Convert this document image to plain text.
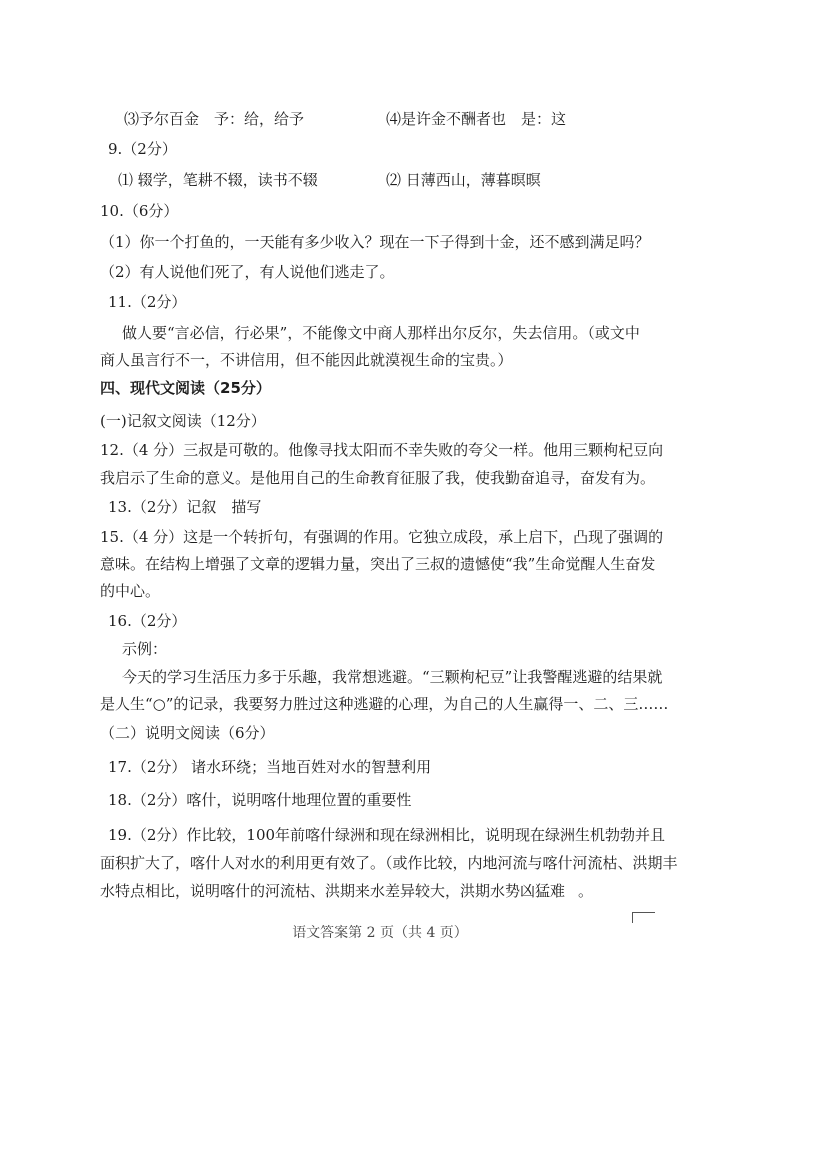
⑶予尔百金　予：给，给予	⑷是许金不酬者也　是：这
9.（2分）
⑴ 辍学，笔耕不辍，读书不辍	⑵ 日薄西山，薄暮暝暝
10.（6分）
（1）你一个打鱼的，一天能有多少收入？现在一下子得到十金，还不感到满足吗？
（2）有人说他们死了，有人说他们逃走了。
11.（2分）
做人要“言必信，行必果”，不能像文中商人那样出尔反尔，失去信用。（或文中
商人虽言行不一，不讲信用，但不能因此就漠视生命的宝贵。）
四、现代文阅读（25分）
(一)记叙文阅读（12分）
12.（4 分）三叔是可敬的。他像寻找太阳而不幸失败的夸父一样。他用三颗枸杞豆向
我启示了生命的意义。是他用自己的生命教育征服了我，使我勤奋追寻，奋发有为。
13.（2分）记叙　描写
15.（4 分）这是一个转折句，有强调的作用。它独立成段，承上启下，凸现了强调的
意味。在结构上增强了文章的逻辑力量，突出了三叔的遗憾使“我”生命觉醒人生奋发
的中心。
16.（2分）
示例：
今天的学习生活压力多于乐趣，我常想逃避。“三颗枸杞豆”让我警醒逃避的结果就
是人生“○”的记录，我要努力胜过这种逃避的心理，为自己的人生赢得一、二、三……
（二）说明文阅读（6分）
17.（2分） 诸水环绕；当地百姓对水的智慧利用
18.（2分）喀什，说明喀什地理位置的重要性
19.（2分）作比较，100年前喀什绿洲和现在绿洲相比，说明现在绿洲生机勃勃并且
面积扩大了，喀什人对水的利用更有效了。（或作比较，内地河流与喀什河流枯、洪期丰
水特点相比，说明喀什的河流枯、洪期来水差异较大，洪期水势凶猛难 。
语文答案第 2 页（共 4 页）
